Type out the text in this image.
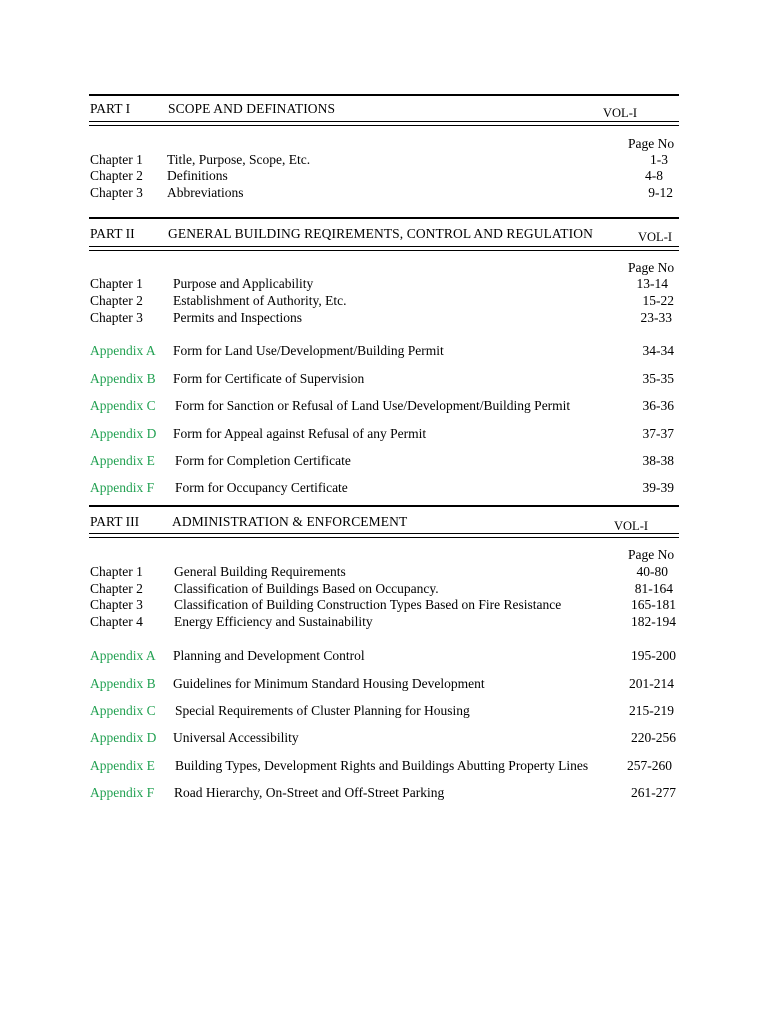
PART I	SCOPE AND DEFINATIONS	VOL-I
Page No
Chapter 1 Title, Purpose, Scope, Etc.	1-3
Chapter 2 Definitions	4-8
Chapter 3 Abbreviations	9-12
PART II GENERAL BUILDING REQIREMENTS, CONTROL AND REGULATION	VOL-I
Page No
Chapter 1 Purpose and Applicability	13-14
Chapter 2 Establishment of Authority, Etc.	15-22
Chapter 3 Permits and Inspections	23-33
Appendix A Form for Land Use/Development/Building Permit	34-34
Appendix B Form for Certificate of Supervision	35-35
Appendix C Form for Sanction or Refusal of Land Use/Development/Building Permit	36-36
Appendix D Form for Appeal against Refusal of any Permit	37-37
Appendix E Form for Completion Certificate	38-38
Appendix F Form for Occupancy Certificate	39-39
PART III ADMINISTRATION & ENFORCEMENT	VOL-I
Page No
Chapter 1 General Building Requirements	40-80
Chapter 2 Classification of Buildings Based on Occupancy.	81-164
Chapter 3 Classification of Building Construction Types Based on Fire Resistance	165-181
Chapter 4 Energy Efficiency and Sustainability	182-194
Appendix A Planning and Development Control	195-200
Appendix B Guidelines for Minimum Standard Housing Development	201-214
Appendix C Special Requirements of Cluster Planning for Housing	215-219
Appendix D Universal Accessibility	220-256
Appendix E Building Types, Development Rights and Buildings Abutting Property Lines	257-260
Appendix F Road Hierarchy, On-Street and Off-Street Parking	261-277
